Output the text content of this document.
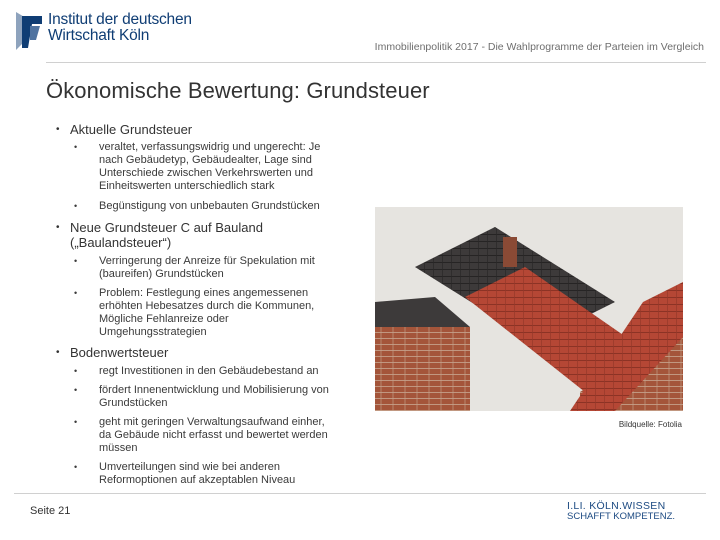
Institut der deutschen
Wirtschaft Köln
Immobilienpolitik 2017 - Die Wahlprogramme der Parteien im Vergleich
Ökonomische Bewertung: Grundsteuer
• Aktuelle Grundsteuer
• veraltet, verfassungswidrig und ungerecht: Je
nach Gebäudetyp, Gebäudealter, Lage sind
Unterschiede zwischen Verkehrswerten und
Einheitswerten unterschiedlich stark
• Begünstigung von unbebauten Grundstücken
• Neue Grundsteuer C auf Bauland
(„Baulandsteuer“)
• Verringerung der Anreize für Spekulation mit
(baureifen) Grundstücken
• Problem: Festlegung eines angemessenen
erhöhten Hebesatzes durch die Kommunen,
Mögliche Fehlanreize oder
Umgehungsstrategien
• Bodenwertsteuer
• regt Investitionen in den Gebäudebestand an
• fördert Innenentwicklung und Mobilisierung von
Grundstücken
• geht mit geringen Verwaltungsaufwand einher,
da Gebäude nicht erfasst und bewertet werden
müssen
• Umverteilungen sind wie bei anderen
Reformoptionen auf akzeptablen Niveau
Bildquelle: Fotolia
Seite 21	I.LI. KÖLN.WISSEN
SCHAFFT KOMPETENZ.
